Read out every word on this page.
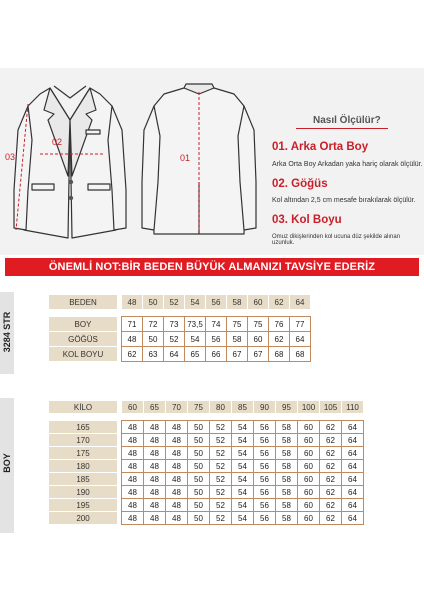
02
03	01
Nasıl Ölçülür?
01. Arka Orta Boy
Arka Orta Boy Arkadan yaka hariç olarak ölçülür.
02. Göğüs
Kol altından 2,5 cm mesafe bırakılarak ölçülür.
03. Kol Boyu
Omuz dikişlerinden kol ucuna düz şekilde alınan uzunluk.
ÖNEMLİ NOT:BİR BEDEN BÜYÜK ALMANIZI TAVSİYE EDERİZ
3284 STR
BEDEN		48	50	52	54	56	58	60	62	64

BOY		71	72	73	73,5	74	75	75	76	77
GÖĞÜS		48	50	52	54	56	58	60	62	64
KOL BOYU		62	63	64	65	66	67	67	68	68
BOY
KİLO		60	65	70	75	80	85	90	95	100	105	110

165		48	48	48	50	52	54	56	58	60	62	64
170		48	48	48	50	52	54	56	58	60	62	64
175		48	48	48	50	52	54	56	58	60	62	64
180		48	48	48	50	52	54	56	58	60	62	64
185		48	48	48	50	52	54	56	58	60	62	64
190		48	48	48	50	52	54	56	58	60	62	64
195		48	48	48	50	52	54	56	58	60	62	64
200		48	48	48	50	52	54	56	58	60	62	64
